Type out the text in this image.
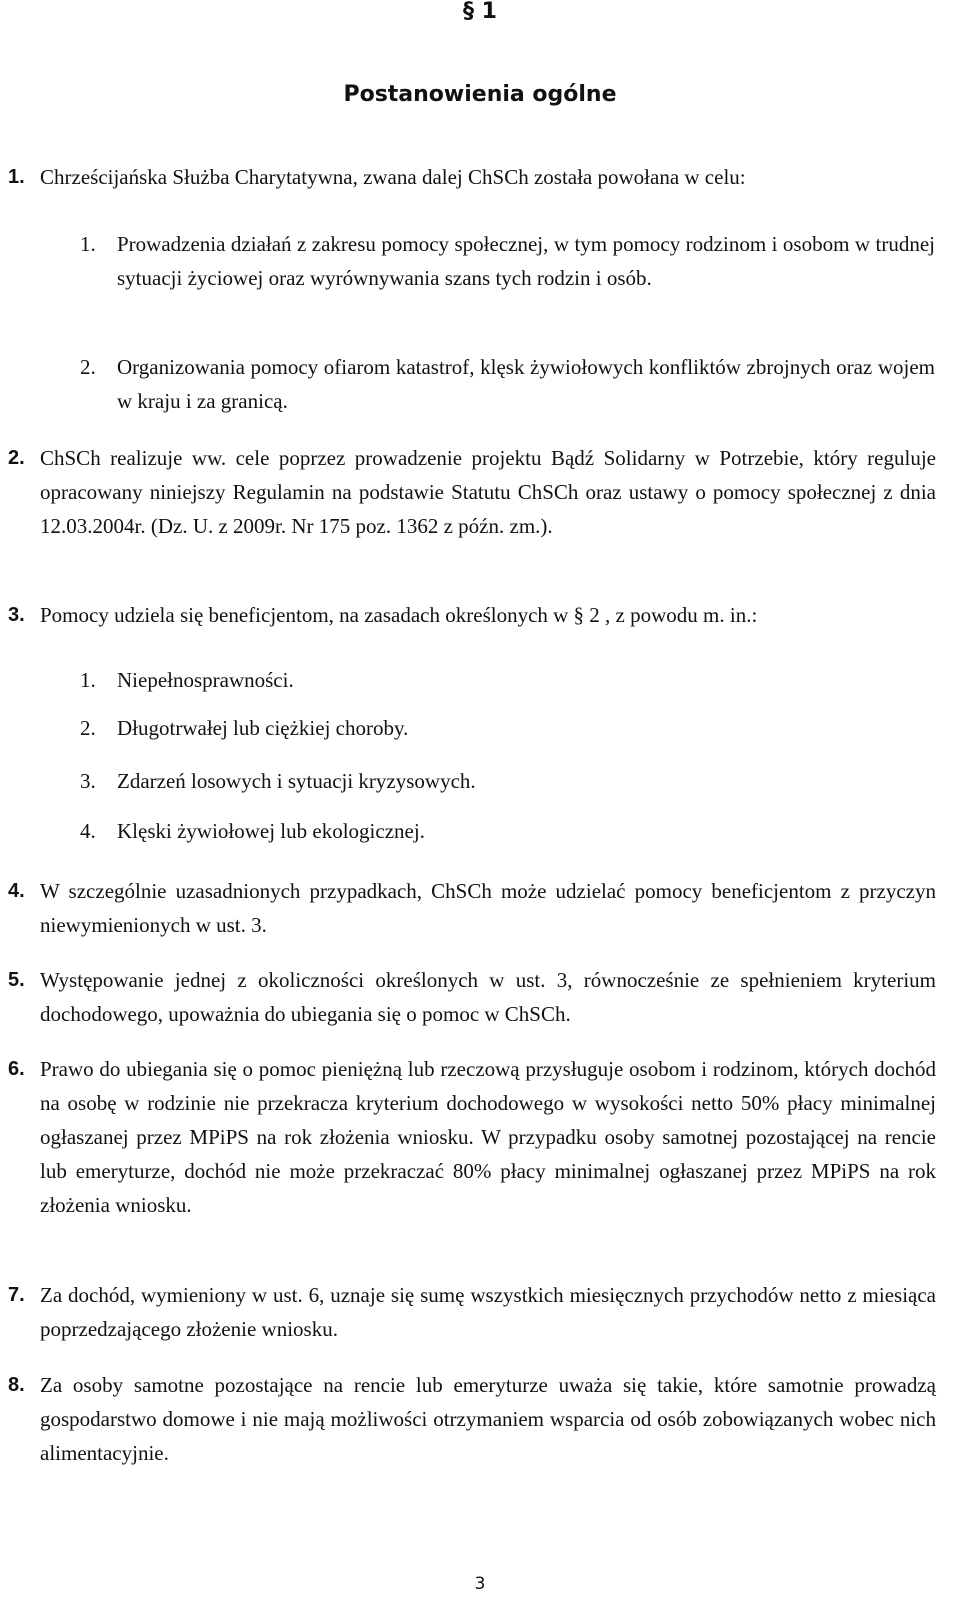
§ 1
Postanowienia ogólne
1. Chrześcijańska Służba Charytatywna, zwana dalej ChSCh została powołana w celu:
1. Prowadzenia działań z zakresu pomocy społecznej, w tym pomocy rodzinom i osobom w trudnej sytuacji życiowej oraz wyrównywania szans tych rodzin i osób.
2. Organizowania pomocy ofiarom katastrof, klęsk żywiołowych konfliktów zbrojnych oraz wojem w kraju i za granicą.
2. ChSCh realizuje ww. cele poprzez prowadzenie projektu Bądź Solidarny w Potrzebie, który reguluje opracowany niniejszy Regulamin na podstawie Statutu ChSCh oraz ustawy o pomocy społecznej z dnia 12.03.2004r. (Dz. U. z 2009r. Nr 175 poz. 1362 z późn. zm.).
3. Pomocy udziela się beneficjentom, na zasadach określonych w § 2 , z powodu m. in.:
1. Niepełnosprawności.
2. Długotrwałej lub ciężkiej choroby.
3. Zdarzeń losowych i sytuacji kryzysowych.
4. Klęski żywiołowej lub ekologicznej.
4. W szczególnie uzasadnionych przypadkach, ChSCh może udzielać pomocy beneficjentom z przyczyn niewymienionych w ust. 3.
5. Występowanie jednej z okoliczności określonych w ust. 3, równocześnie ze spełnieniem kryterium dochodowego, upoważnia do ubiegania się o pomoc w ChSCh.
6. Prawo do ubiegania się o pomoc pieniężną lub rzeczową przysługuje osobom i rodzinom, których dochód na osobę w rodzinie nie przekracza kryterium dochodowego w wysokości netto 50% płacy minimalnej ogłaszanej przez MPiPS na rok złożenia wniosku. W przypadku osoby samotnej pozostającej na rencie lub emeryturze, dochód nie może przekraczać 80% płacy minimalnej ogłaszanej przez MPiPS na rok złożenia wniosku.
7. Za dochód, wymieniony w ust. 6, uznaje się sumę wszystkich miesięcznych przychodów netto z miesiąca poprzedzającego złożenie wniosku.
8. Za osoby samotne pozostające na rencie lub emeryturze uważa się takie, które samotnie prowadzą gospodarstwo domowe i nie mają możliwości otrzymaniem wsparcia od osób zobowiązanych wobec nich alimentacyjnie.
3
